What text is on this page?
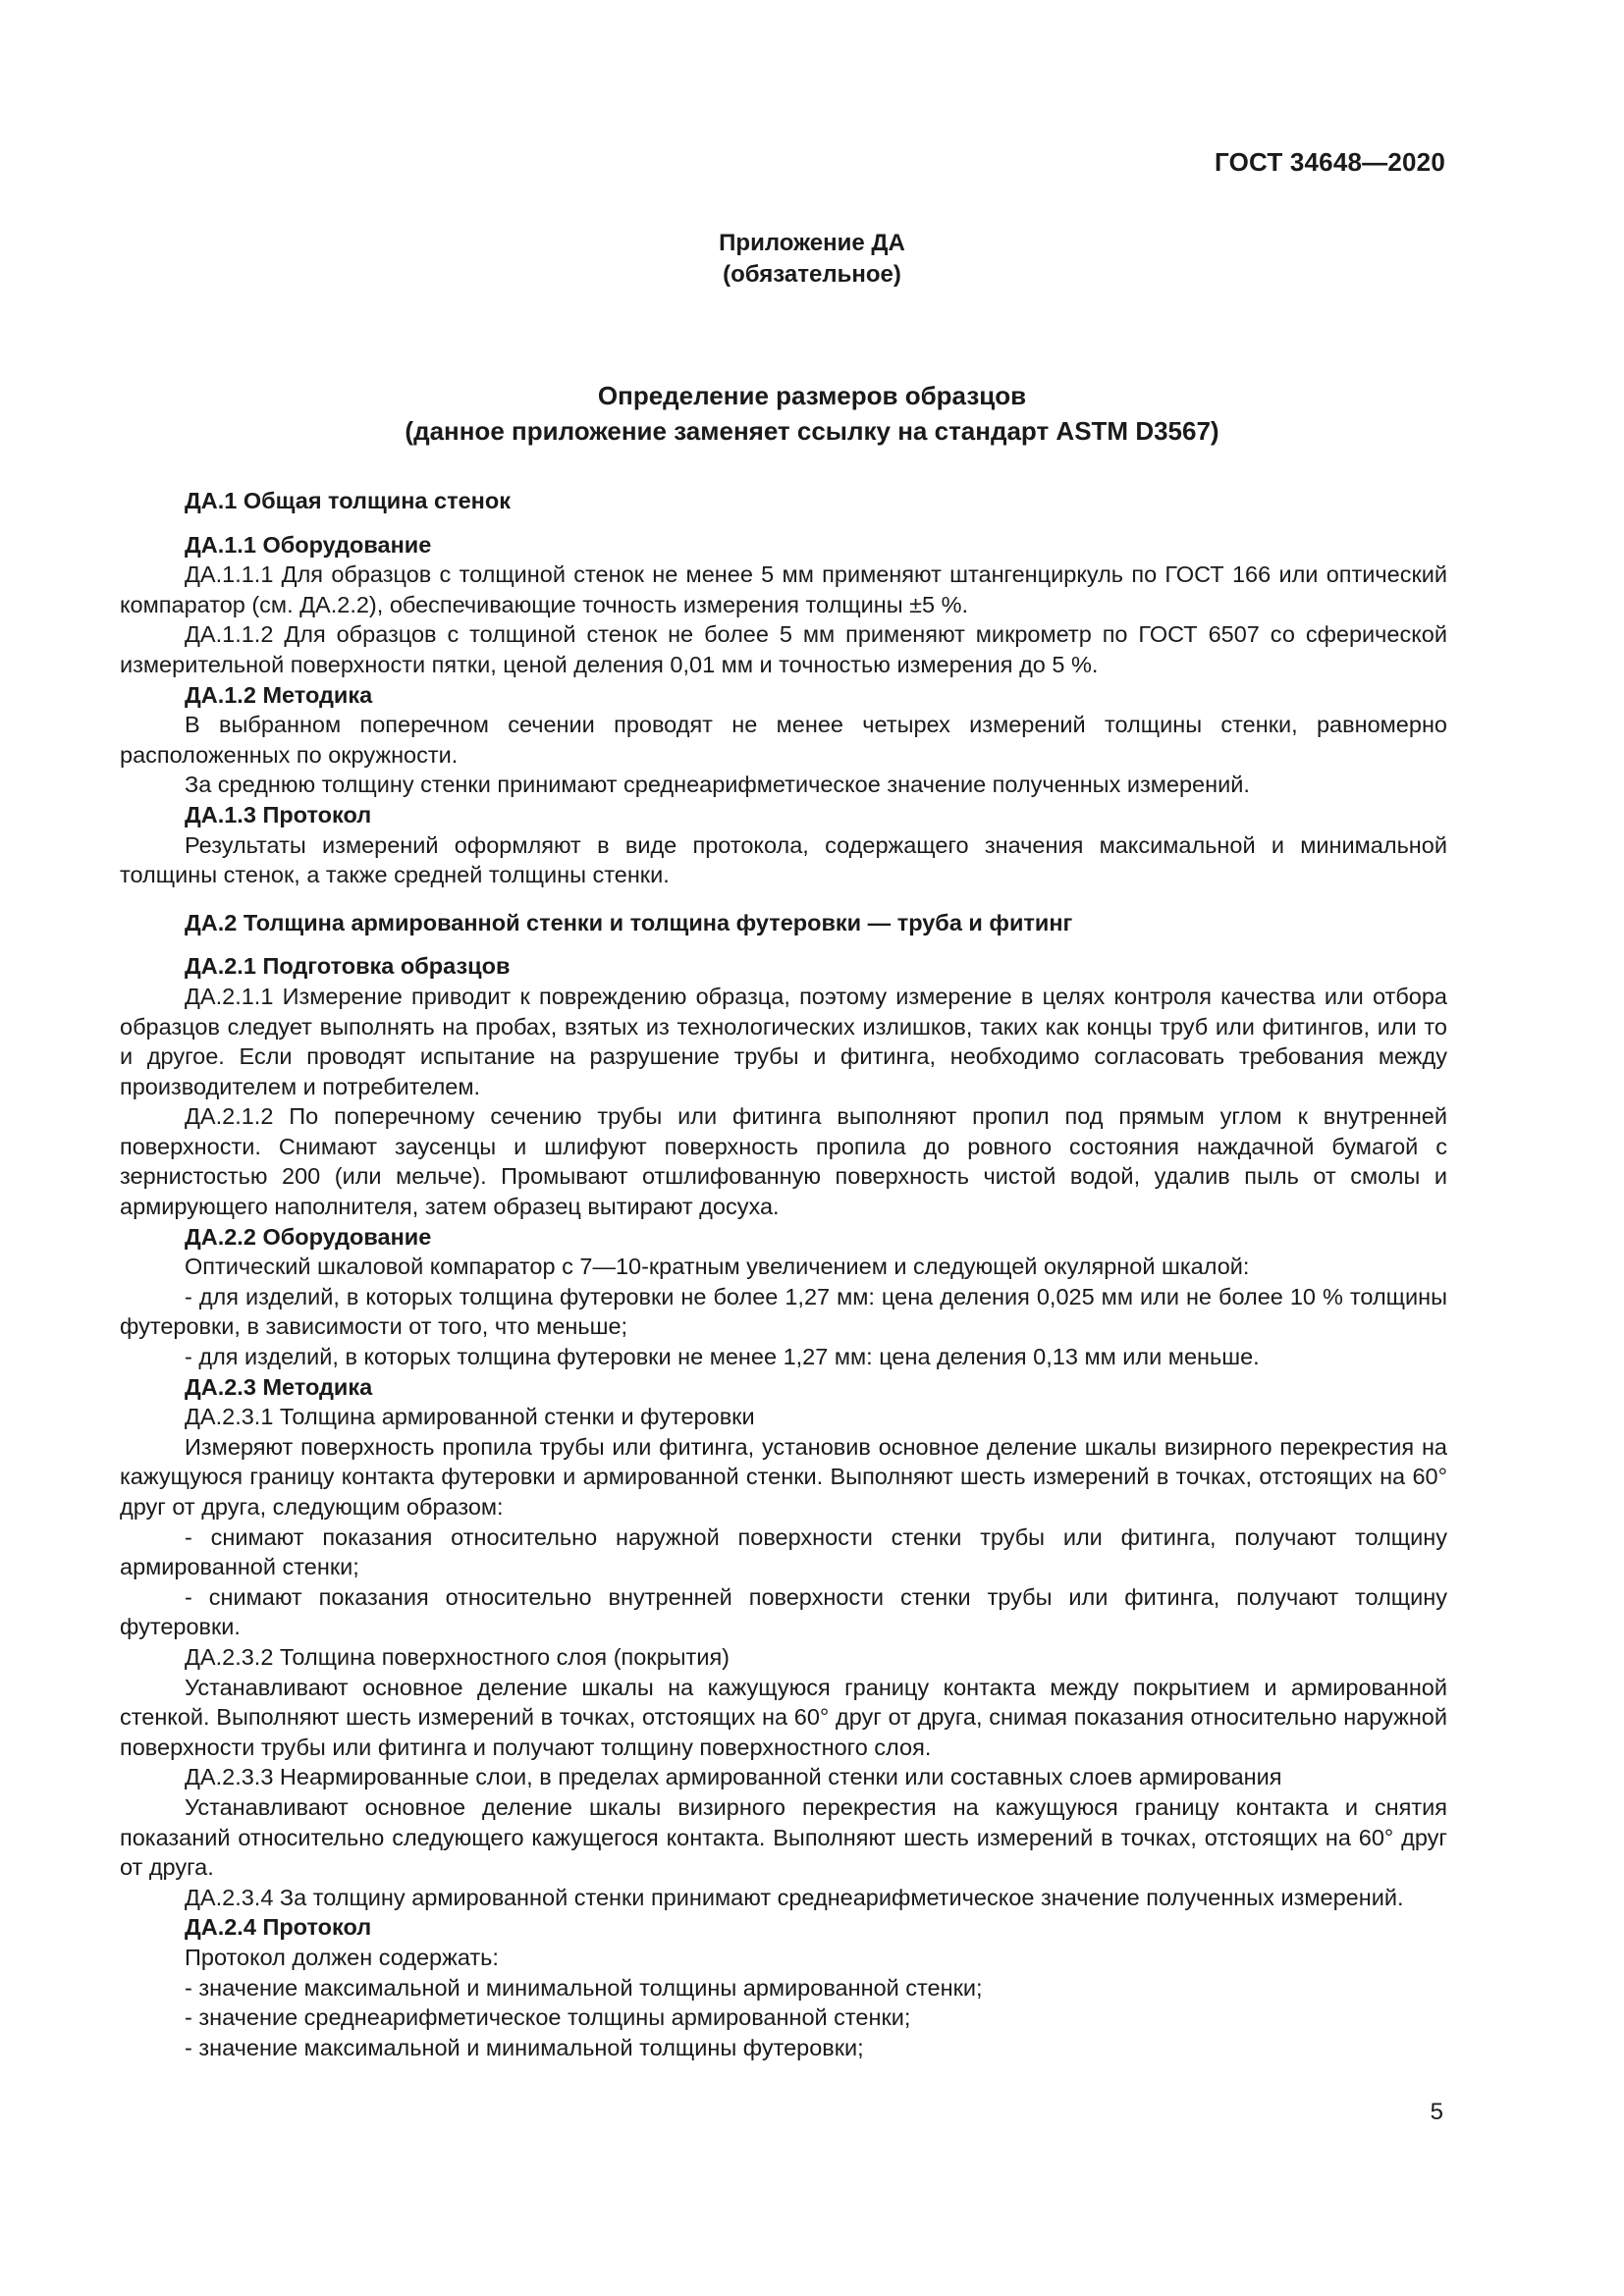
ГОСТ 34648—2020
Приложение ДА
(обязательное)
Определение размеров образцов
(данное приложение заменяет ссылку на стандарт ASTM D3567)

ДА.1 Общая толщина стенок

ДА.1.1 Оборудование

ДА.1.1.1 Для образцов с толщиной стенок не менее 5 мм применяют штангенциркуль по ГОСТ 166 или оптический компаратор (см. ДА.2.2), обеспечивающие точность измерения толщины ±5 %.

ДА.1.1.2 Для образцов с толщиной стенок не более 5 мм применяют микрометр по ГОСТ 6507 со сферической измерительной поверхности пятки, ценой деления 0,01 мм и точностью измерения до 5 %.

ДА.1.2 Методика

В выбранном поперечном сечении проводят не менее четырех измерений толщины стенки, равномерно расположенных по окружности.

За среднюю толщину стенки принимают среднеарифметическое значение полученных измерений.

ДА.1.3 Протокол

Результаты измерений оформляют в виде протокола, содержащего значения максимальной и минимальной толщины стенок, а также средней толщины стенки.

ДА.2 Толщина армированной стенки и толщина футеровки — труба и фитинг

ДА.2.1 Подготовка образцов

ДА.2.1.1 Измерение приводит к повреждению образца, поэтому измерение в целях контроля качества или отбора образцов следует выполнять на пробах, взятых из технологических излишков, таких как концы труб или фитингов, или то и другое. Если проводят испытание на разрушение трубы и фитинга, необходимо согласовать требования между производителем и потребителем.

ДА.2.1.2 По поперечному сечению трубы или фитинга выполняют пропил под прямым углом к внутренней поверхности. Снимают заусенцы и шлифуют поверхность пропила до ровного состояния наждачной бумагой с зернистостью 200 (или мельче). Промывают отшлифованную поверхность чистой водой, удалив пыль от смолы и армирующего наполнителя, затем образец вытирают досуха.

ДА.2.2 Оборудование

Оптический шкаловой компаратор с 7—10-кратным увеличением и следующей окулярной шкалой:

- для изделий, в которых толщина футеровки не более 1,27 мм: цена деления 0,025 мм или не более 10 % толщины футеровки, в зависимости от того, что меньше;

- для изделий, в которых толщина футеровки не менее 1,27 мм: цена деления 0,13 мм или меньше.

ДА.2.3 Методика

ДА.2.3.1 Толщина армированной стенки и футеровки

Измеряют поверхность пропила трубы или фитинга, установив основное деление шкалы визирного перекрестия на кажущуюся границу контакта футеровки и армированной стенки. Выполняют шесть измерений в точках, отстоящих на 60° друг от друга, следующим образом:

- снимают показания относительно наружной поверхности стенки трубы или фитинга, получают толщину армированной стенки;

- снимают показания относительно внутренней поверхности стенки трубы или фитинга, получают толщину футеровки.

ДА.2.3.2 Толщина поверхностного слоя (покрытия)

Устанавливают основное деление шкалы на кажущуюся границу контакта между покрытием и армированной стенкой. Выполняют шесть измерений в точках, отстоящих на 60° друг от друга, снимая показания относительно наружной поверхности трубы или фитинга и получают толщину поверхностного слоя.

ДА.2.3.3 Неармированные слои, в пределах армированной стенки или составных слоев армирования

Устанавливают основное деление шкалы визирного перекрестия на кажущуюся границу контакта и снятия показаний относительно следующего кажущегося контакта. Выполняют шесть измерений в точках, отстоящих на 60° друг от друга.

ДА.2.3.4 За толщину армированной стенки принимают среднеарифметическое значение полученных измерений.

ДА.2.4 Протокол

Протокол должен содержать:

- значение максимальной и минимальной толщины армированной стенки;

- значение среднеарифметическое толщины армированной стенки;

- значение максимальной и минимальной толщины футеровки;

5
